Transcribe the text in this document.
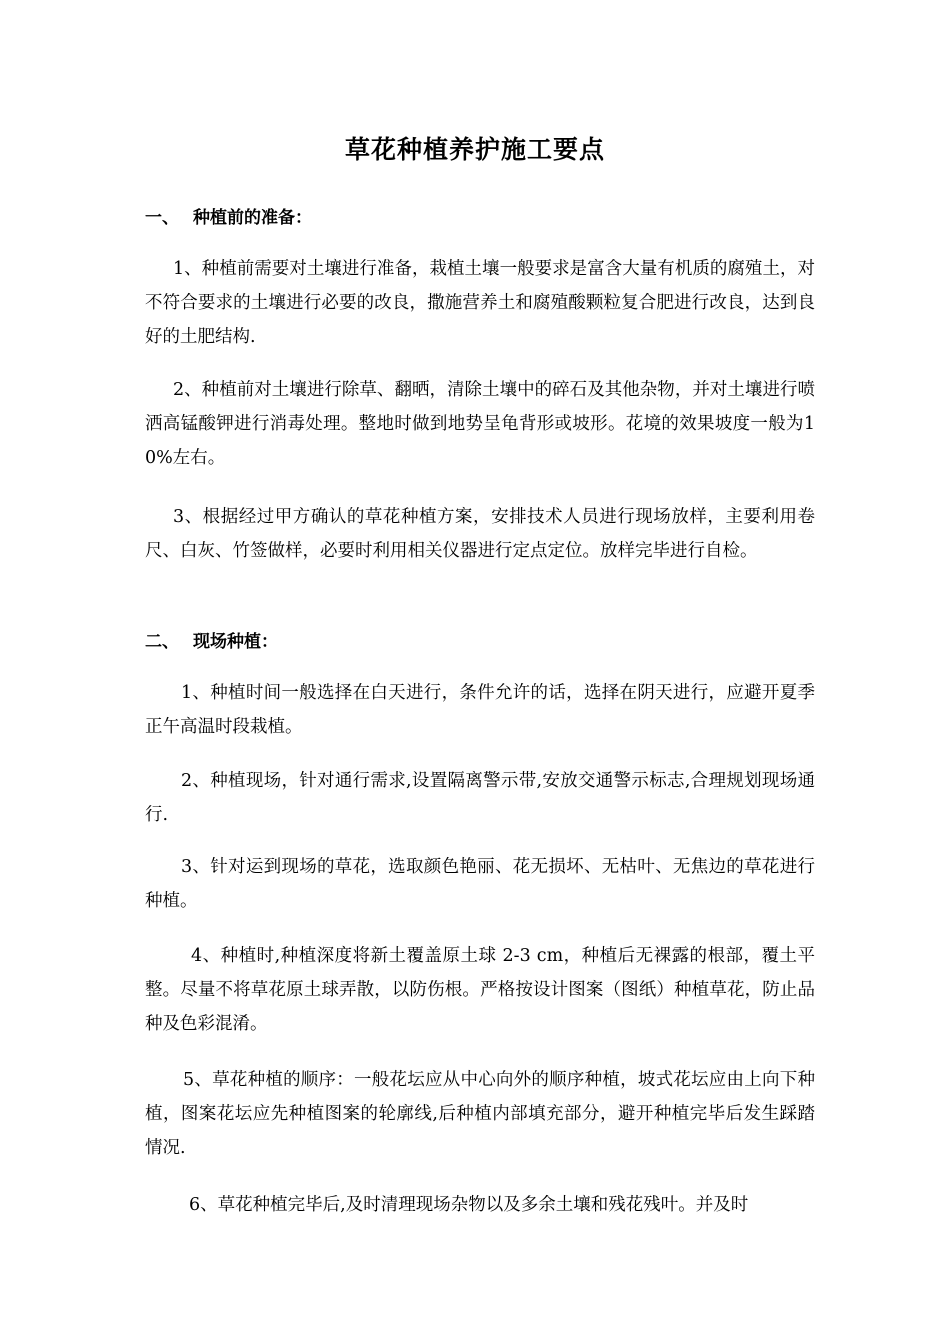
草花种植养护施工要点
一、 种植前的准备：
1、种植前需要对土壤进行准备，栽植土壤一般要求是富含大量有机质的腐殖土，对不符合要求的土壤进行必要的改良，撒施营养土和腐殖酸颗粒复合肥进行改良，达到良好的土肥结构.
2、种植前对土壤进行除草、翻晒，清除土壤中的碎石及其他杂物，并对土壤进行喷洒高锰酸钾进行消毒处理。整地时做到地势呈龟背形或坡形。花境的效果坡度一般为10%左右。
3、根据经过甲方确认的草花种植方案，安排技术人员进行现场放样，主要利用卷尺、白灰、竹签做样，必要时利用相关仪器进行定点定位。放样完毕进行自检。
二、 现场种植：
1、种植时间一般选择在白天进行，条件允许的话，选择在阴天进行，应避开夏季正午高温时段栽植。
2、种植现场，针对通行需求,设置隔离警示带,安放交通警示标志,合理规划现场通行.
3、针对运到现场的草花，选取颜色艳丽、花无损坏、无枯叶、无焦边的草花进行种植。
4、种植时,种植深度将新土覆盖原土球 2-3 cm，种植后无裸露的根部，覆土平整。尽量不将草花原土球弄散，以防伤根。严格按设计图案（图纸）种植草花，防止品种及色彩混淆。
5、草花种植的顺序：一般花坛应从中心向外的顺序种植，坡式花坛应由上向下种植，图案花坛应先种植图案的轮廓线,后种植内部填充部分，避开种植完毕后发生踩踏情况.
6、草花种植完毕后,及时清理现场杂物以及多余土壤和残花残叶。并及时
